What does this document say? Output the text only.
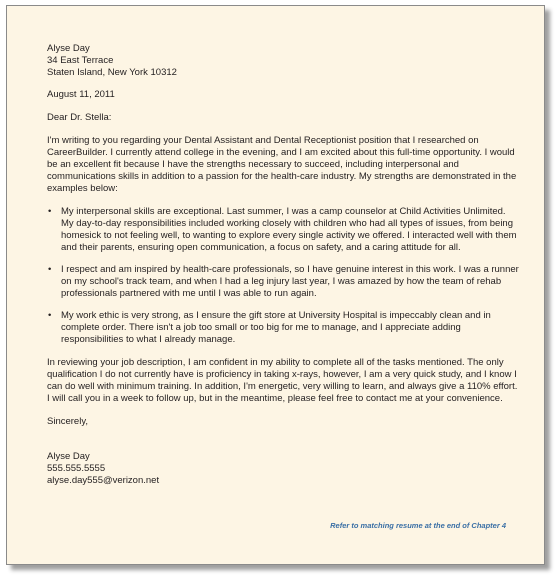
Alyse Day
34 East Terrace
Staten Island, New York 10312

August 11, 2011

Dear Dr. Stella:

I'm writing to you regarding your Dental Assistant and Dental Receptionist position that I researched on CareerBuilder. I currently attend college in the evening, and I am excited about this full-time opportunity. I would be an excellent fit because I have the strengths necessary to succeed, including interpersonal and communications skills in addition to a passion for the health-care industry. My strengths are demonstrated in the examples below:

• My interpersonal skills are exceptional. Last summer, I was a camp counselor at Child Activities Unlimited. My day-to-day responsibilities included working closely with children who had all types of issues, from being homesick to not feeling well, to wanting to explore every single activity we offered. I interacted well with them and their parents, ensuring open communication, a focus on safety, and a caring attitude for all.
• I respect and am inspired by health-care professionals, so I have genuine interest in this work. I was a runner on my school's track team, and when I had a leg injury last year, I was amazed by how the team of rehab professionals partnered with me until I was able to run again.
• My work ethic is very strong, as I ensure the gift store at University Hospital is impeccably clean and in complete order. There isn't a job too small or too big for me to manage, and I appreciate adding responsibilities to what I already manage.

In reviewing your job description, I am confident in my ability to complete all of the tasks mentioned. The only qualification I do not currently have is proficiency in taking x-rays, however, I am a very quick study, and I know I can do well with minimum training. In addition, I'm energetic, very willing to learn, and always give a 110% effort. I will call you in a week to follow up, but in the meantime, please feel free to contact me at your convenience.

Sincerely,

Alyse Day
555.555.5555
alyse.day555@verizon.net
Refer to matching resume at the end of Chapter 4
